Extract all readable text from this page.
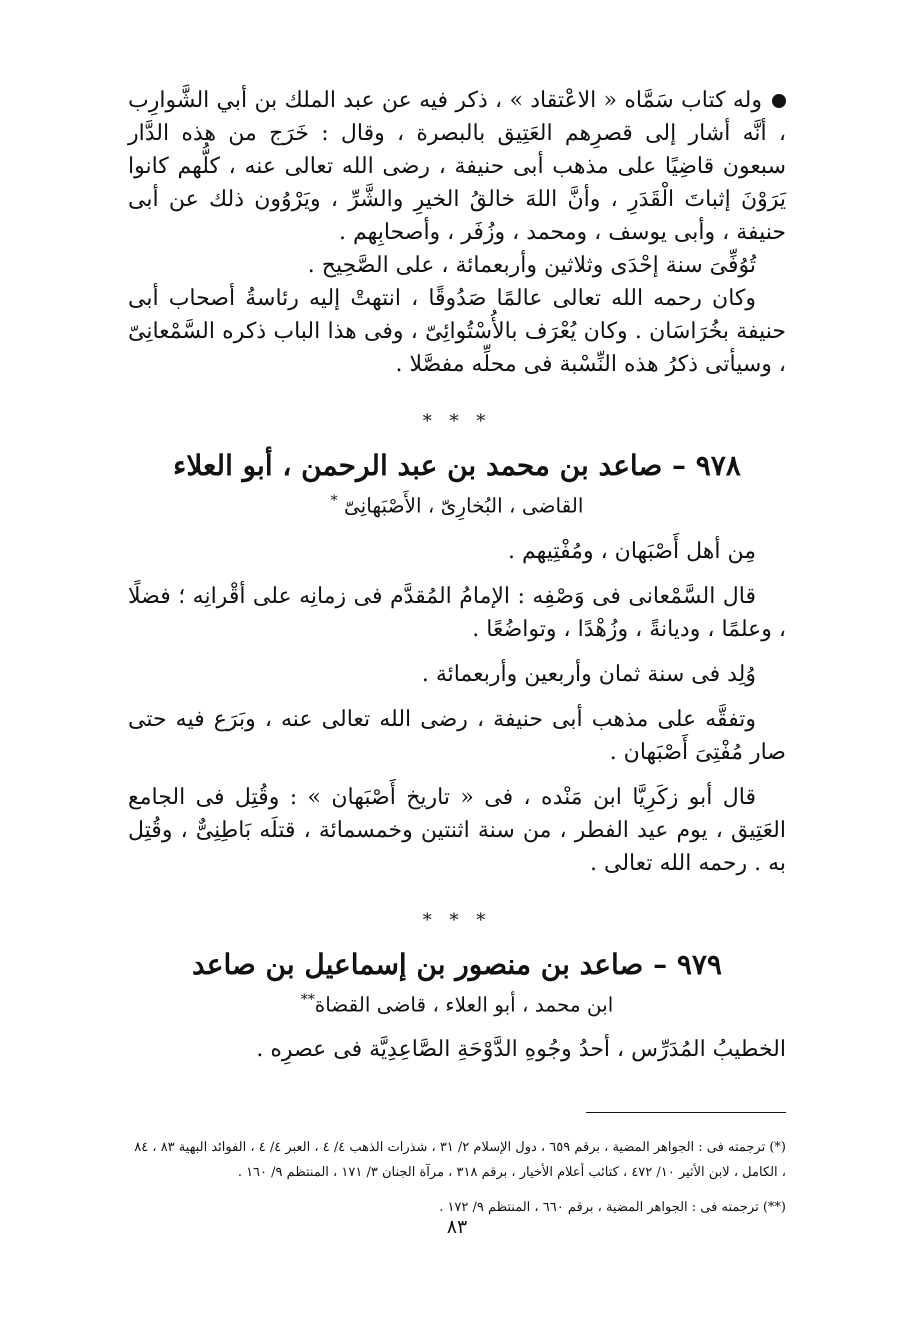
وله كتاب سَمَّاه « الاعْتقاد » ، ذكر فيه عن عبد الملك بن أبي الشَّوارِب ، أنَّه أشار إلى قصرِهم العَتِيق بالبصرة ، وقال : خَرَج من هذه الدَّار سبعون قاضِيًا على مذهب أبى حنيفة ، رضى الله تعالى عنه ، كلُّهم كانوا يَرَوْنَ إثباتَ الْقَدَرِ ، وأنَّ اللهَ خالقُ الخيرِ والشَّرِّ ، ويَرْوُون ذلك عن أبى حنيفة ، وأبى يوسف ، ومحمد ، وزُفَر ، وأصحابِهم .

تُوُفِّىَ سنة إحْدَى وثلاثين وأربعمائة ، على الصَّحِيح .

وكان رحمه الله تعالى عالمًا صَدُوقًا ، انتهتْ إليه رئاسةُ أصحاب أبى حنيفة بخُرَاسَان . وكان يُعْرَف بالأُسْتُوائِىّ ، وفى هذا الباب ذكره السَّمْعانِىّ ، وسيأتى ذكرُ هذه النِّسْبة فى محلِّه مفصَّلا .

* * *
٩٧٨ – صاعد بن محمد بن عبد الرحمن ، أبو العلاء
القاضى ، البُخارِىّ ، الأَصْبَهانِىّ *

مِن أهل أَصْبَهان ، ومُفْتِيهم .

قال السَّمْعانى فى وَصْفِه : الإمامُ المُقدَّم فى زمانِه على أقْرانِه ؛ فضلًا ، وعلمًا ، وديانةً ، وزُهْدًا ، وتواضُعًا .

وُلِد فى سنة ثمان وأربعين وأربعمائة .

وتفقَّه على مذهب أبى حنيفة ، رضى الله تعالى عنه ، وبَرَع فيه حتى صار مُفْتِىَ أَصْبَهان .

قال أبو زكَرِيَّا ابن مَنْده ، فى « تاريخ أَصْبَهان » : وقُتِل فى الجامع العَتِيق ، يوم عيد الفطر ، من سنة اثنتين وخمسمائة ، قتلَه بَاطِنِىٌّ ، وقُتِل به . رحمه الله تعالى .

* * *
٩٧٩ – صاعد بن منصور بن إسماعيل بن صاعد
ابن محمد ، أبو العلاء ، قاضى القضاة**

الخطيبُ المُدَرِّس ، أحدُ وجُوهِ الدَّوْحَةِ الصَّاعِدِيَّة فى عصرِه .

(*) ترجمته فى : الجواهر المضية ، برقم ٦٥٩ ، دول الإسلام ٢/ ٣١ ، شذرات الذهب ٤/ ٤ ، العبر ٤/ ٤ ، الفوائد البهية ٨٣ ، ٨٤ ، الكامل ، لابن الأثير ١٠/ ٤٧٢ ، كتائب أعلام الأخيار ، برقم ٣١٨ ، مرآة الجنان ٣/ ١٧١ ، المنتظم ٩/ ١٦٠ .

(**) ترجمته فى : الجواهر المضية ، برقم ٦٦٠ ، المنتظم ٩/ ١٧٢ .

٨٣
